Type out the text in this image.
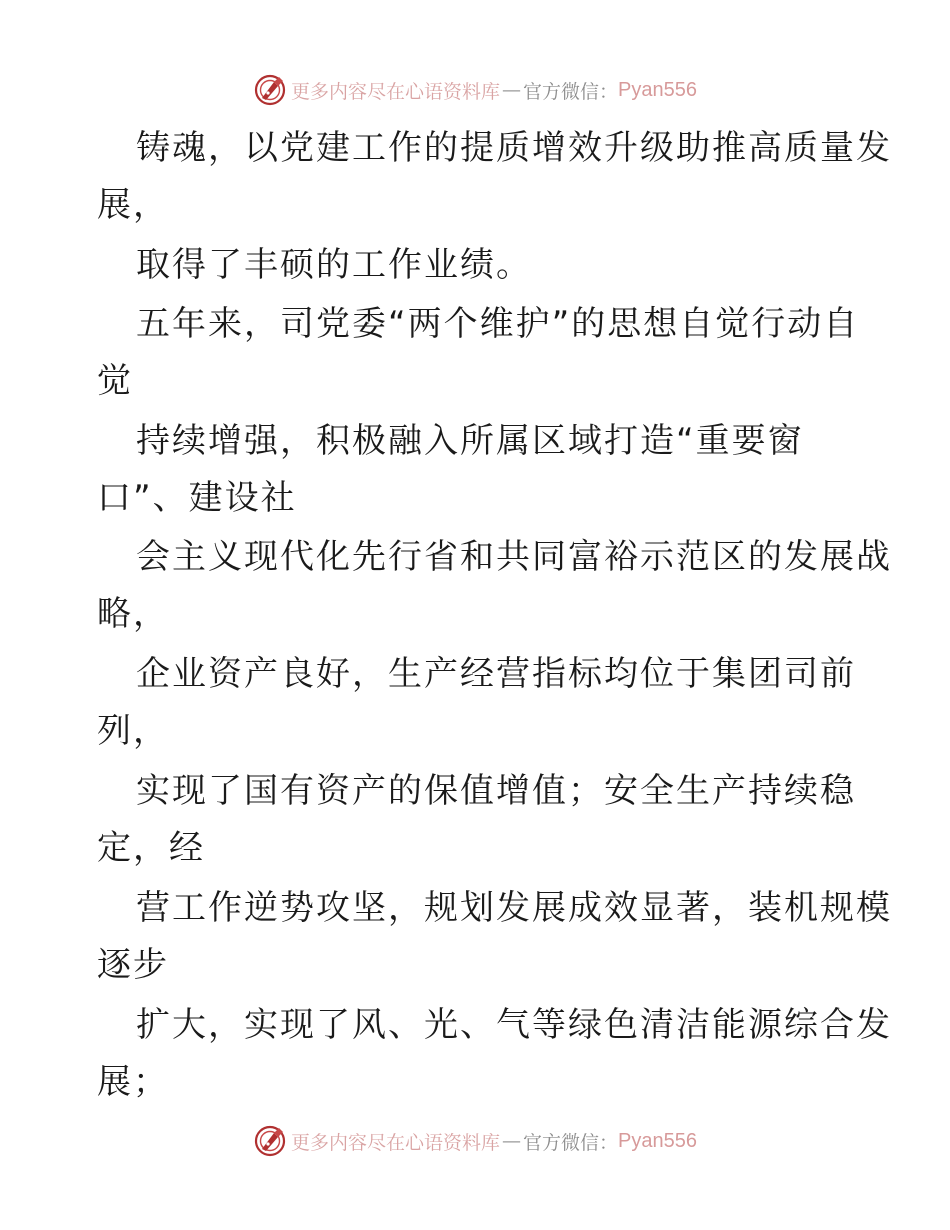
更多内容尽在心语资料库 — 官方微信： Pyan556
铸魂，以党建工作的提质增效升级助推高质量发
展，
取得了丰硕的工作业绩。
五年来，司党委“两个维护”的思想自觉行动自
觉
持续增强，积极融入所属区域打造“重要窗
口”、建设社
会主义现代化先行省和共同富裕示范区的发展战
略，
企业资产良好，生产经营指标均位于集团司前
列，
实现了国有资产的保值增值；安全生产持续稳
定，经
营工作逆势攻坚，规划发展成效显著，装机规模
逐步
扩大，实现了风、光、气等绿色清洁能源综合发
展；
更多内容尽在心语资料库 — 官方微信： Pyan556
